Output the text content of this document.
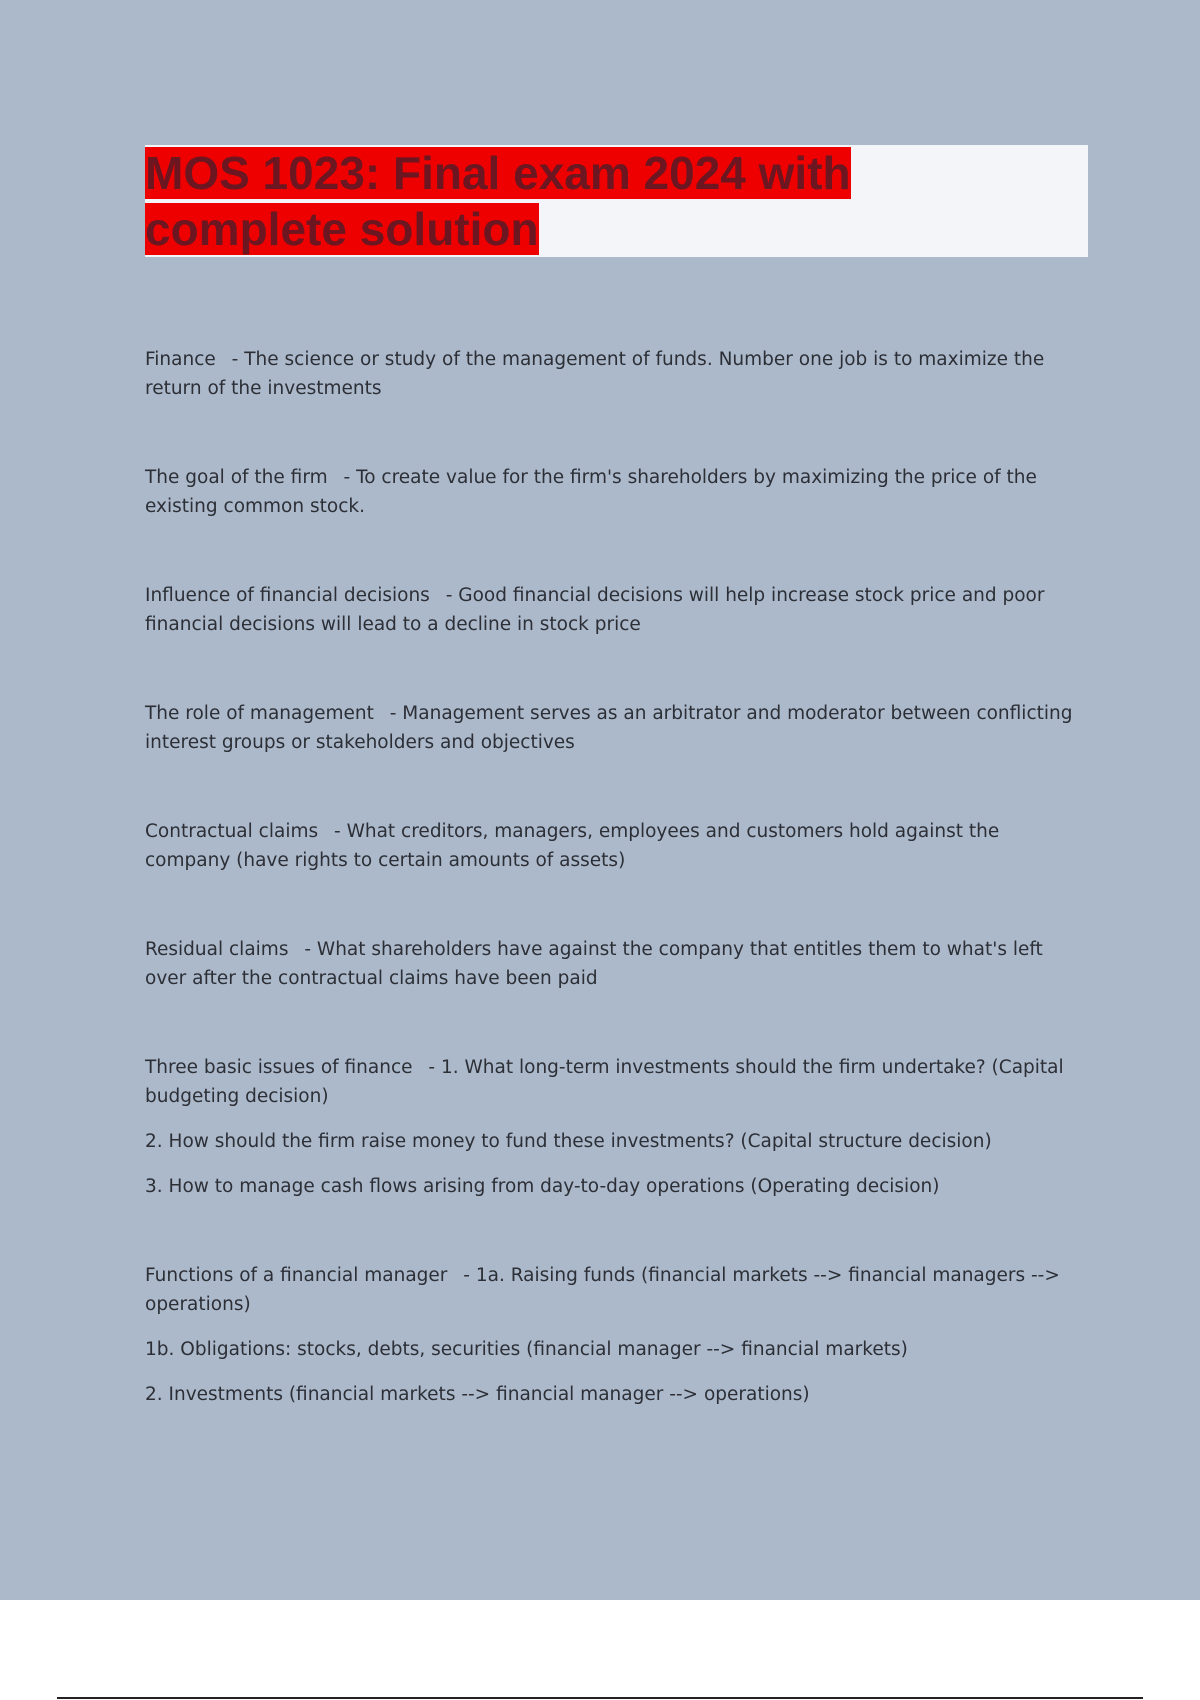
MOS 1023: Final exam 2024 with complete solution

Finance - The science or study of the management of funds. Number one job is to maximize the return of the investments

The goal of the firm - To create value for the firm's shareholders by maximizing the price of the existing common stock.

Influence of financial decisions - Good financial decisions will help increase stock price and poor financial decisions will lead to a decline in stock price

The role of management - Management serves as an arbitrator and moderator between conflicting interest groups or stakeholders and objectives

Contractual claims - What creditors, managers, employees and customers hold against the company (have rights to certain amounts of assets)

Residual claims - What shareholders have against the company that entitles them to what's left over after the contractual claims have been paid

Three basic issues of finance - 1. What long-term investments should the firm undertake? (Capital budgeting decision)

2. How should the firm raise money to fund these investments? (Capital structure decision)

3. How to manage cash flows arising from day-to-day operations (Operating decision)

Functions of a financial manager - 1a. Raising funds (financial markets --> financial managers --> operations)

1b. Obligations: stocks, debts, securities (financial manager --> financial markets)

2. Investments (financial markets --> financial manager --> operations)
